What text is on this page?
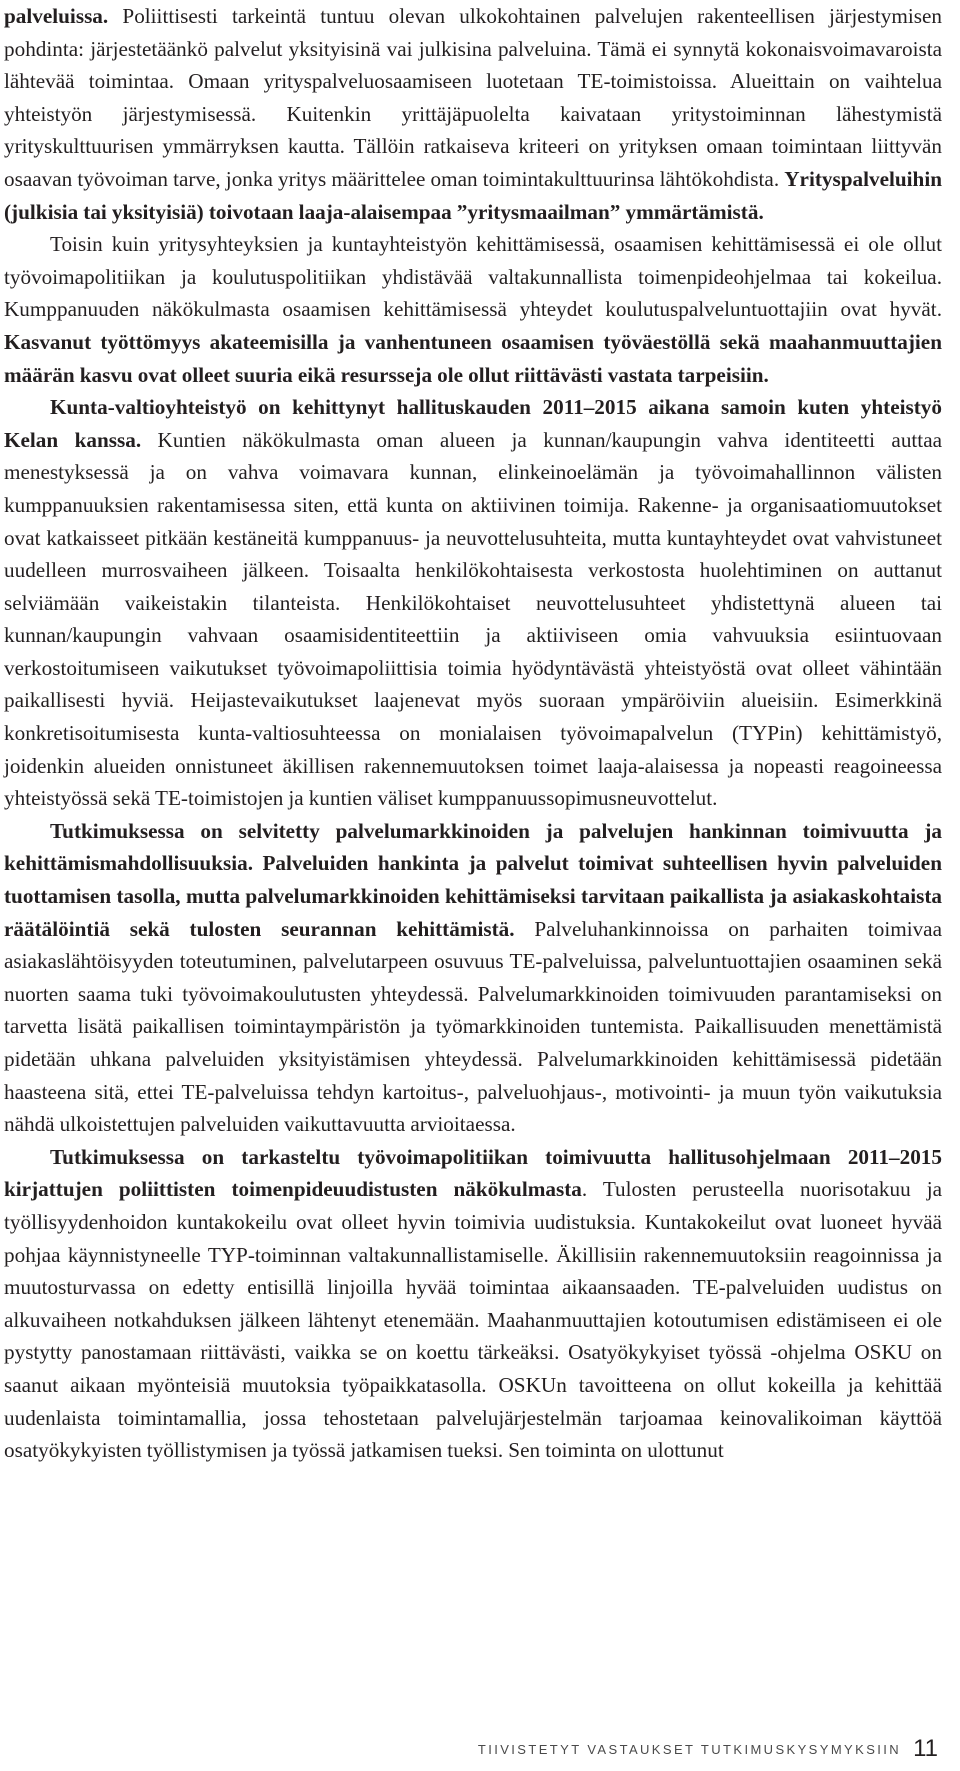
palveluissa. Poliittisesti tarkeintä tuntuu olevan ulkokohtainen palvelujen rakenteellisen järjestymisen pohdinta: järjestetäänkö palvelut yksityisinä vai julkisina palveluina. Tämä ei synnytä kokonaisvoimavaroista lähtevää toimintaa. Omaan yrityspalveluosaamiseen luotetaan TE-toimistoissa. Alueittain on vaihtelua yhteistyön järjestymisessä. Kuitenkin yrittäjäpuolelta kaivataan yritystoiminnan lähestymistä yrityskulttuurisen ymmärryksen kautta. Tällöin ratkaiseva kriteeri on yrityksen omaan toimintaan liittyvän osaavan työvoiman tarve, jonka yritys määrittelee oman toimintakulttuurinsa lähtökohdista. Yrityspalveluihin (julkisia tai yksityisiä) toivotaan laaja-alaisempaa ”yritysmaailman” ymmärtämistä.

Toisin kuin yritysyhteyksien ja kuntayhteistyön kehittämisessä, osaamisen kehittämisessä ei ole ollut työvoimapolitiikan ja koulutuspolitiikan yhdistävää valtakunnallista toimenpideohjelmaa tai kokeilua. Kumppanuuden näkökulmasta osaamisen kehittämisessä yhteydet koulutuspalveluntuottajiin ovat hyvät. Kasvanut työttömyys akateemisilla ja vanhentuneen osaamisen työväestöllä sekä maahanmuuttajien määrän kasvu ovat olleet suuria eikä resursseja ole ollut riittävästi vastata tarpeisiin.

Kunta-valtioyhteistyö on kehittynyt hallituskauden 2011–2015 aikana samoin kuten yhteistyö Kelan kanssa. Kuntien näkökulmasta oman alueen ja kunnan/kaupungin vahva identiteetti auttaa menestyksessä ja on vahva voimavara kunnan, elinkeinoelämän ja työvoimahallinnon välisten kumppanuuksien rakentamisessa siten, että kunta on aktiivinen toimija. Rakenne- ja organisaatiomuutokset ovat katkaisseet pitkään kestäneitä kumppanuus- ja neuvottelusuhteita, mutta kuntayhteydet ovat vahvistuneet uudelleen murrosvaiheen jälkeen. Toisaalta henkilökohtaisesta verkostosta huolehtiminen on auttanut selviämään vaikeistakin tilanteista. Henkilökohtaiset neuvottelusuhteet yhdistettynä alueen tai kunnan/kaupungin vahvaan osaamisidentiteettiin ja aktiiviseen omia vahvuuksia esiintuovaan verkostoitumiseen vaikutukset työvoimapoliittisia toimia hyödyntävästä yhteistyöstä ovat olleet vähintään paikallisesti hyviä. Heijastevaikutukset laajenevat myös suoraan ympäröiviin alueisiin. Esimerkkinä konkretisoitumisesta kunta-valtiosuhteessa on monialaisen työvoimapalvelun (TYPin) kehittämistyö, joidenkin alueiden onnistuneet äkillisen rakennemuutoksen toimet laaja-alaisessa ja nopeasti reagoineessa yhteistyössä sekä TE-toimistojen ja kuntien väliset kumppanuussopimusneuvottelut.

Tutkimuksessa on selvitetty palvelumarkkinoiden ja palvelujen hankinnan toimivuutta ja kehittämismahdollisuuksia. Palveluiden hankinta ja palvelut toimivat suhteellisen hyvin palveluiden tuottamisen tasolla, mutta palvelumarkkinoiden kehittämiseksi tarvitaan paikallista ja asiakaskohtaista räätälöintiä sekä tulosten seurannan kehittämistä. Palveluhankinnoissa on parhaiten toimivaa asiakaslähtöisyyden toteutuminen, palvelutarpeen osuvuus TE-palveluissa, palveluntuottajien osaaminen sekä nuorten saama tuki työvoimakoulutusten yhteydessä. Palvelumarkkinoiden toimivuuden parantamiseksi on tarvetta lisätä paikallisen toimintaympäristön ja työmarkkinoiden tuntemista. Paikallisuuden menettämistä pidetään uhkana palveluiden yksityistämisen yhteydessä. Palvelumarkkinoiden kehittämisessä pidetään haasteena sitä, ettei TE-palveluissa tehdyn kartoitus-, palveluohjaus-, motivointi- ja muun työn vaikutuksia nähdä ulkoistettujen palveluiden vaikuttavuutta arvioitaessa.

Tutkimuksessa on tarkasteltu työvoimapolitiikan toimivuutta hallitusohjelmaan 2011–2015 kirjattujen poliittisten toimenpideuudistusten näkökulmasta. Tulosten perusteella nuorisotakuu ja työllisyydenhoidon kuntakokeilu ovat olleet hyvin toimivia uudistuksia. Kuntakokeilut ovat luoneet hyvää pohjaa käynnistyneelle TYP-toiminnan valtakunnallistamiselle. Äkillisiin rakennemuutoksiin reagoinnissa ja muutosturvassa on edetty entisillä linjoilla hyvää toimintaa aikaansaaden. TE-palveluiden uudistus on alkuvaiheen notkahduksen jälkeen lähtenyt etenemään. Maahanmuuttajien kotoutumisen edistämiseen ei ole pystytty panostamaan riittävästi, vaikka se on koettu tärkeäksi. Osatyökykyiset työssä -ohjelma OSKU on saanut aikaan myönteisiä muutoksia työpaikkatasolla. OSKUn tavoitteena on ollut kokeilla ja kehittää uudenlaista toimintamallia, jossa tehostetaan palvelujärjestelmän tarjoamaa keinovalikoiman käyttöä osatyökykyisten työllistymisen ja työssä jatkamisen tueksi. Sen toiminta on ulottunut

TIIVISTETYT VASTAUKSET TUTKIMUSKYSYMYKSIIN 11
